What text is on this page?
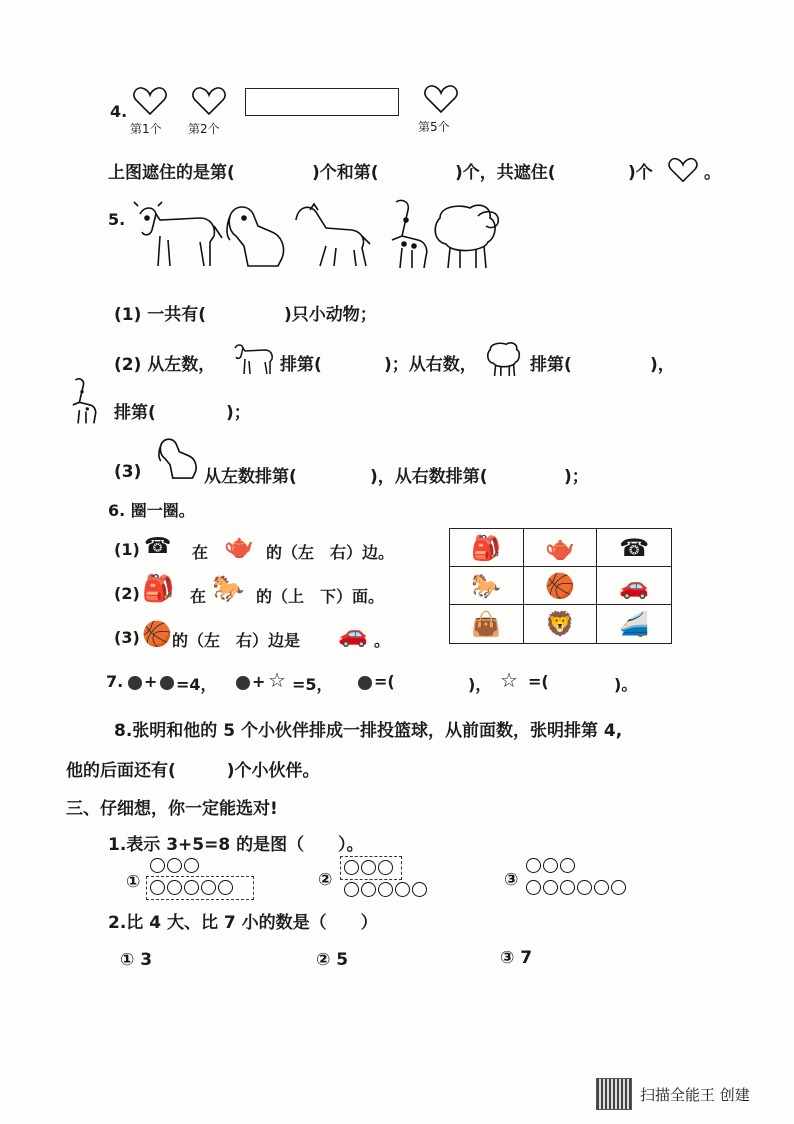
4.
第1个 第2个	第5个
上图遮住的是第(	)个和第(	)个，共遮住(	)个	。
5.
(1) 一共有(	)只小动物；
(2) 从左数，	排第(	)；从右数，	排第(	)，
排第(	)；
(3)	从左数排第(	)，从右数排第(	)；
6. 圈一圈。
(1) ☎ 在 🫖 的（左　右）边。
(2) 🎒 在 🐎 的（上　下）面。
(3) 🏀 的（左　右）边是 🚗 。
🎒	🫖	☎
🐎	🏀	🚗
👜	🦁	🚄
7. + =4， + ☆ =5，	=(	)， ☆ =(	)。
8.张明和他的 5 个小伙伴排成一排投篮球，从前面数，张明排第 4,
他的后面还有(　　　)个小伙伴。
三、仔细想，你一定能选对!
1.表示 3+5=8 的是图（　　）。
①	②	③
2.比 4 大、比 7 小的数是（　　）
① 3	② 5	③ 7
扫描全能王 创建
